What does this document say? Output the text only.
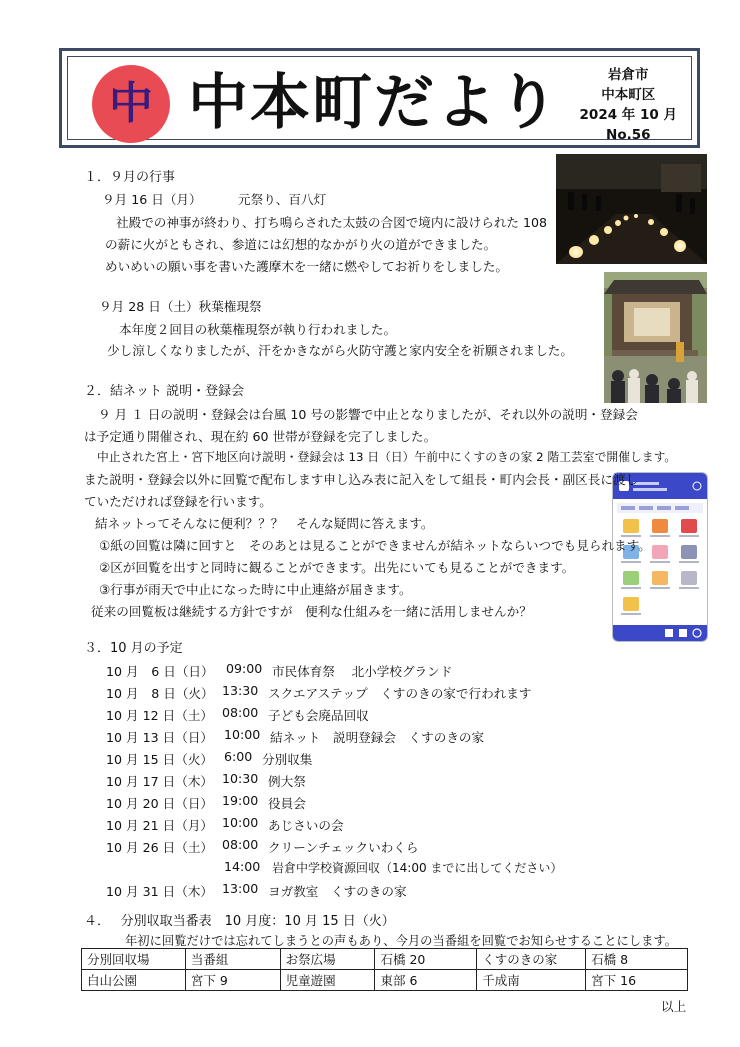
中 中本町だより	岩倉市
中本町区
2024 年 10 月
No.56
１．９月の行事
９月 16 日（月）	元祭り、百八灯
社殿での神事が終わり、打ち鳴らされた太鼓の合図で境内に設けられた 108
の薪に火がともされ、参道には幻想的なかがり火の道ができました。
めいめいの願い事を書いた護摩木を一緒に燃やしてお祈りをしました。
９月 28 日（土）秋葉権現祭
本年度２回目の秋葉権現祭が執り行われました。
少し涼しくなりましたが、汗をかきながら火防守護と家内安全を祈願されました。
２．結ネット 説明・登録会
９ 月 １ 日の説明・登録会は台風 10 号の影響で中止となりましたが、それ以外の説明・登録会
は予定通り開催され、現在約 60 世帯が登録を完了しました。
中止された宮上・宮下地区向け説明・登録会は 13 日（日）午前中にくすのきの家 2 階工芸室で開催します。
また説明・登録会以外に回覧で配布します申し込み表に記入をして組長・町内会長・副区長に渡し
ていただければ登録を行います。
結ネットってそんなに便利？？？　そんな疑問に答えます。
①紙の回覧は隣に回すと　そのあとは見ることができませんが結ネットならいつでも見られます。
②区が回覧を出すと同時に観ることができます。出先にいても見ることができます。
③行事が雨天で中止になった時に中止連絡が届きます。
従来の回覧板は継続する方針ですが　便利な仕組みを一緒に活用しませんか？
３．10 月の予定
10 月　6 日（日） 09:00 市民体育祭　 北小学校グランド
10 月　8 日（火） 13:30 スクエアステップ　くすのきの家で行われます
10 月 12 日（土） 08:00 子ども会廃品回収
10 月 13 日（日） 10:00 結ネット　説明登録会　くすのきの家
10 月 15 日（火） 6:00 分別収集
10 月 17 日（木） 10:30 例大祭
10 月 20 日（日） 19:00 役員会
10 月 21 日（月） 10:00 あじさいの会
10 月 26 日（土） 08:00 クリーンチェックいわくら
14:00 岩倉中学校資源回収（14:00 までに出してください）
10 月 31 日（木） 13:00 ヨガ教室　くすのきの家
４．　 分別収取当番表　10 月度：10 月 15 日（火）
年初に回覧だけでは忘れてしまうとの声もあり、今月の当番組を回覧でお知らせすることにします。
分別回収場	当番組	お祭広場	石橋 20	くすのきの家	石橋 8
白山公園	宮下 9	児童遊園	東部 6	千成南	宮下 16
以上
